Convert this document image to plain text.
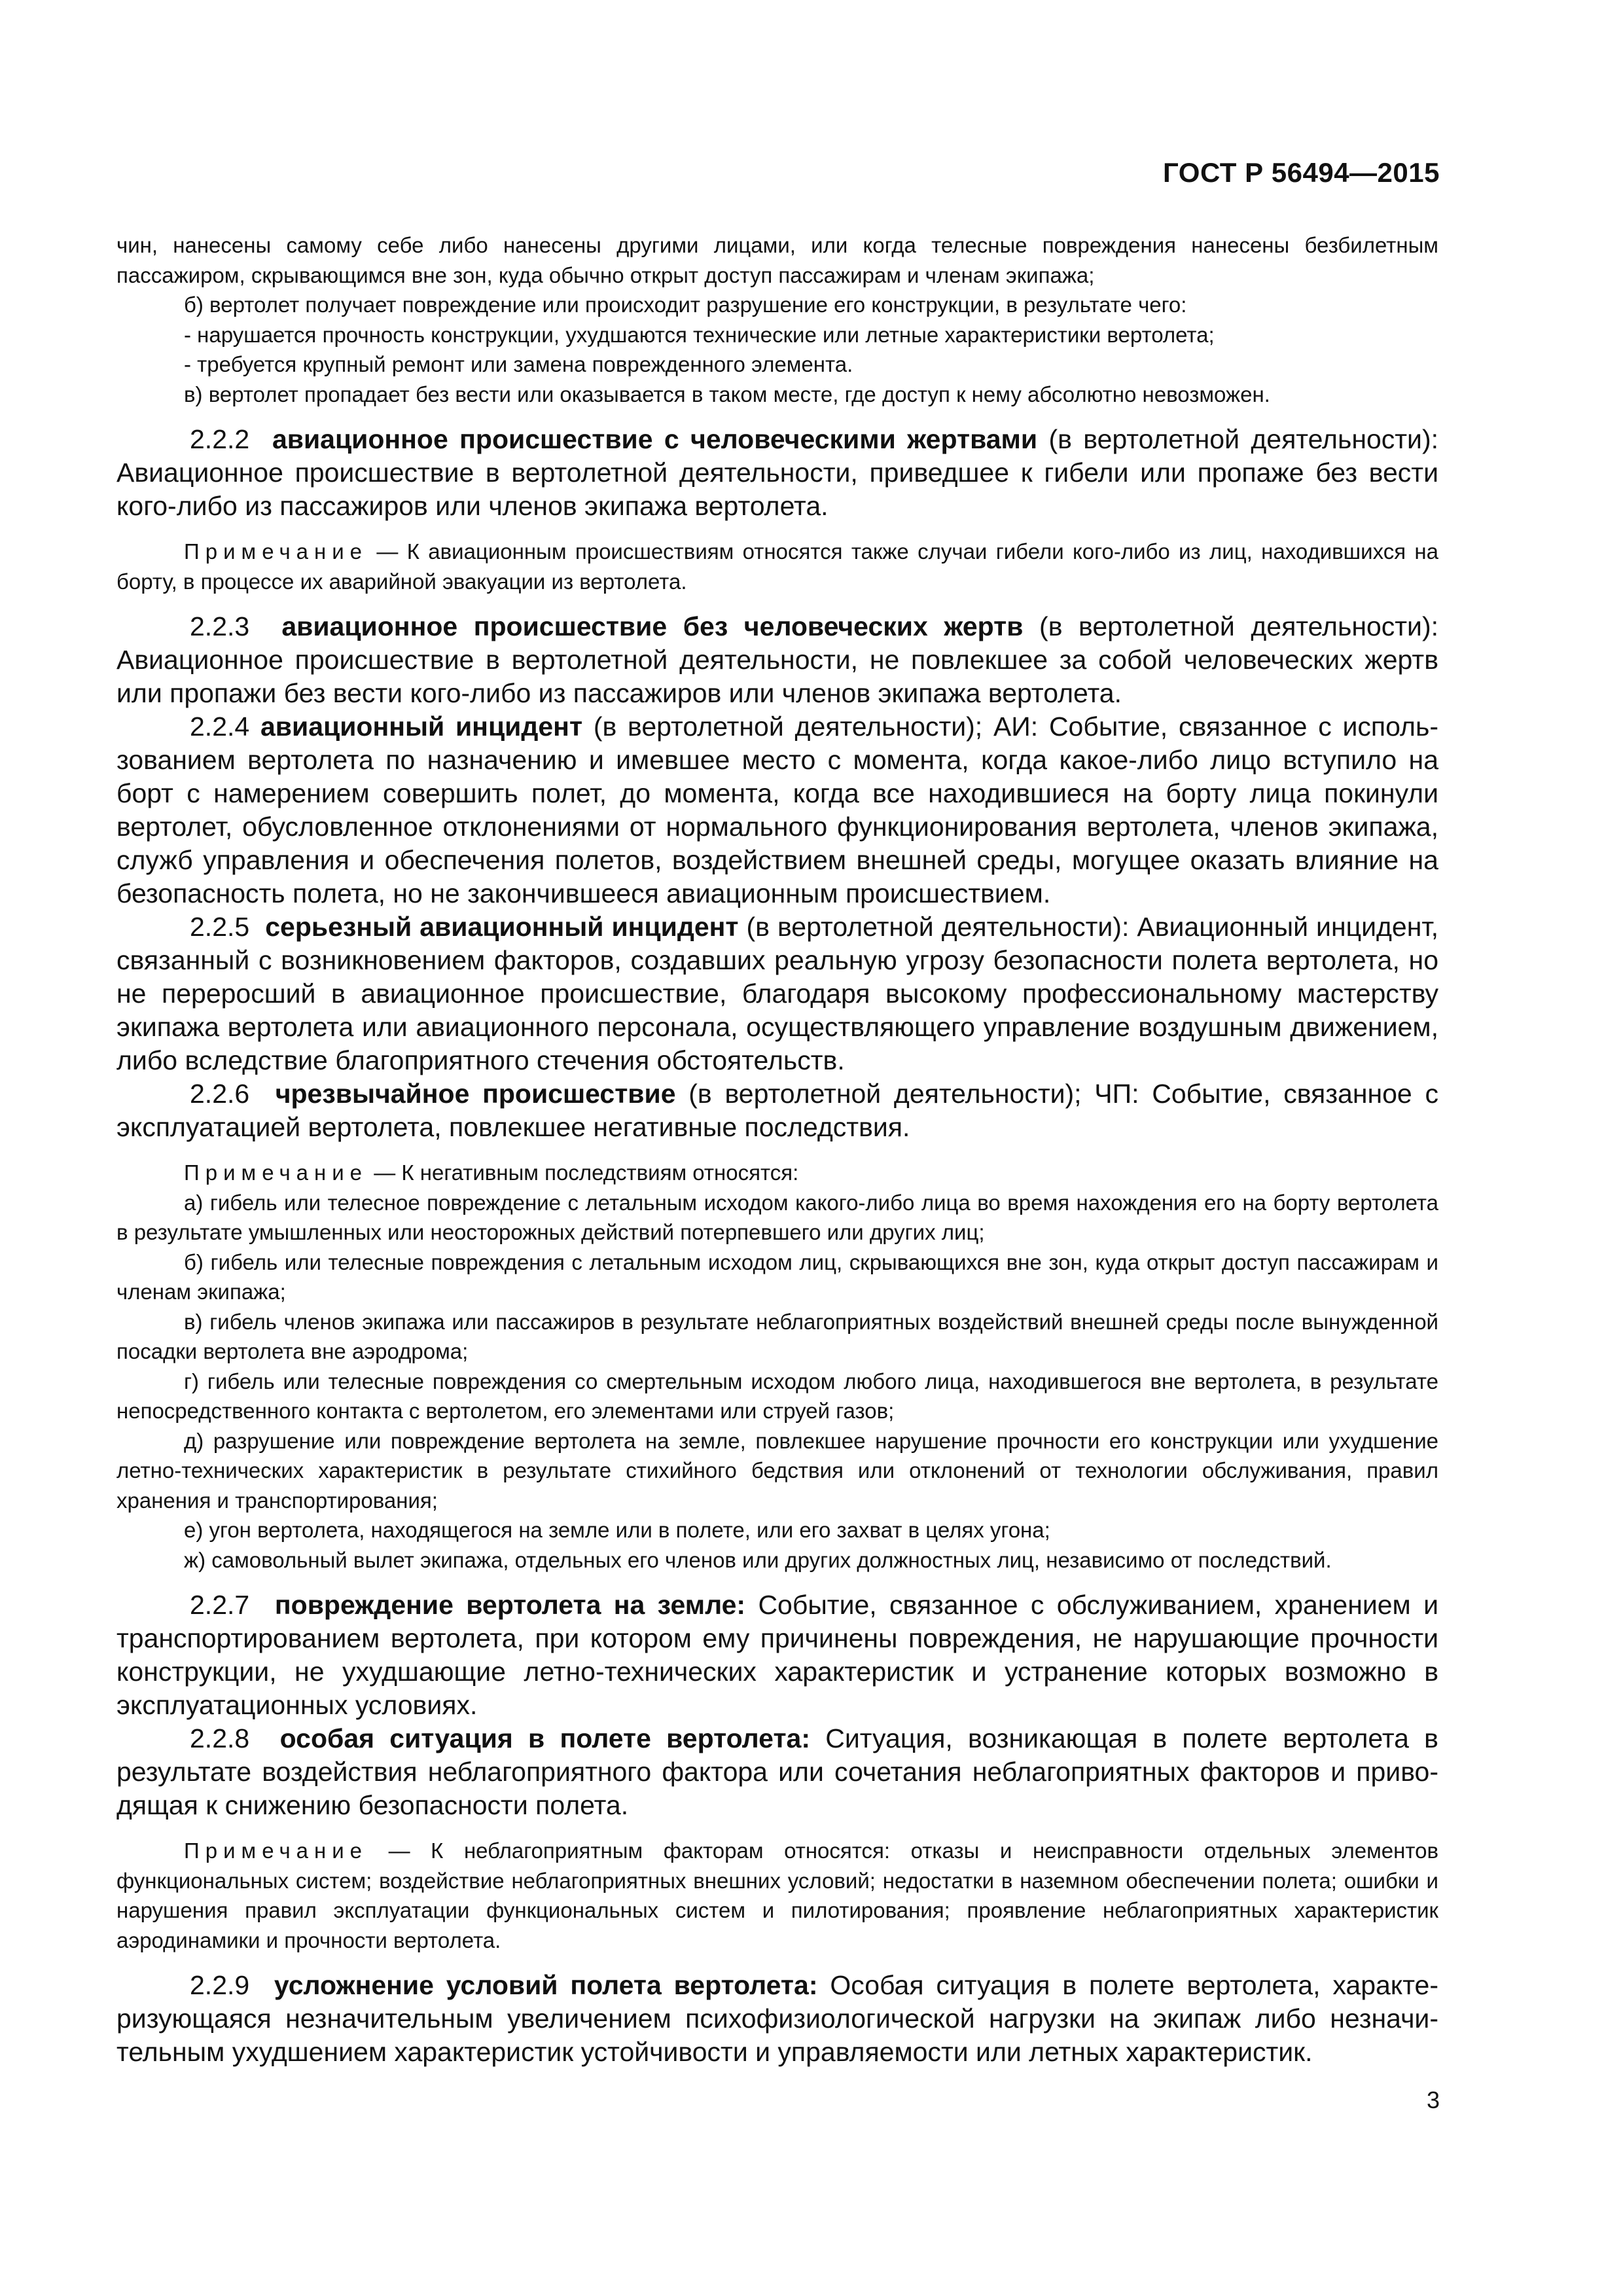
ГОСТ Р 56494—2015

чин, нанесены самому себе либо нанесены другими лицами, или когда телесные повреждения нанесены безбилетным пассажиром, скрывающимся вне зон, куда обычно открыт доступ пассажирам и членам экипажа;

б) вертолет получает повреждение или происходит разрушение его конструкции, в результате чего:

- нарушается прочность конструкции, ухудшаются технические или летные характеристики вертолета;

- требуется крупный ремонт или замена поврежденного элемента.

в) вертолет пропадает без вести или оказывается в таком месте, где доступ к нему абсолютно невозможен.

2.2.2 авиационное происшествие с человеческими жертвами (в вертолетной деятельности): Авиационное происшествие в вертолетной деятельности, приведшее к гибели или пропаже без вести кого-либо из пассажиров или членов экипажа вертолета.

Примечание — К авиационным происшествиям относятся также случаи гибели кого-либо из лиц, находившихся на борту, в процессе их аварийной эвакуации из вертолета.

2.2.3 авиационное происшествие без человеческих жертв (в вертолетной деятельности): Авиационное происшествие в вертолетной деятельности, не повлекшее за собой человеческих жертв или пропажи без вести кого-либо из пассажиров или членов экипажа вертолета.

2.2.4 авиационный инцидент (в вертолетной деятельности); АИ: Событие, связанное с использованием вертолета по назначению и имевшее место с момента, когда какое-либо лицо вступило на борт с намерением совершить полет, до момента, когда все находившиеся на борту лица покинули вертолет, обусловленное отклонениями от нормального функционирования вертолета, членов экипажа, служб управления и обеспечения полетов, воздействием внешней среды, могущее оказать влияние на безопасность полета, но не закончившееся авиационным происшествием.

2.2.5 серьезный авиационный инцидент (в вертолетной деятельности): Авиационный инцидент, связанный с возникновением факторов, создавших реальную угрозу безопасности полета вертолета, но не переросший в авиационное происшествие, благодаря высокому профессиональному мастерству экипажа вертолета или авиационного персонала, осуществляющего управление воздушным движением, либо вследствие благоприятного стечения обстоятельств.

2.2.6 чрезвычайное происшествие (в вертолетной деятельности); ЧП: Событие, связанное с эксплуатацией вертолета, повлекшее негативные последствия.

Примечание — К негативным последствиям относятся:

а) гибель или телесное повреждение с летальным исходом какого-либо лица во время нахождения его на борту вертолета в результате умышленных или неосторожных действий потерпевшего или других лиц;

б) гибель или телесные повреждения с летальным исходом лиц, скрывающихся вне зон, куда открыт доступ пассажирам и членам экипажа;

в) гибель членов экипажа или пассажиров в результате неблагоприятных воздействий внешней среды после вынужденной посадки вертолета вне аэродрома;

г) гибель или телесные повреждения со смертельным исходом любого лица, находившегося вне вертолета, в результате непосредственного контакта с вертолетом, его элементами или струей газов;

д) разрушение или повреждение вертолета на земле, повлекшее нарушение прочности его конструкции или ухудшение летно-технических характеристик в результате стихийного бедствия или отклонений от технологии обслуживания, правил хранения и транспортирования;

е) угон вертолета, находящегося на земле или в полете, или его захват в целях угона;

ж) самовольный вылет экипажа, отдельных его членов или других должностных лиц, независимо от последствий.

2.2.7 повреждение вертолета на земле: Событие, связанное с обслуживанием, хранением и транспортированием вертолета, при котором ему причинены повреждения, не нарушающие прочности конструкции, не ухудшающие летно-технических характеристик и устранение которых возможно в эксплуатационных условиях.

2.2.8 особая ситуация в полете вертолета: Ситуация, возникающая в полете вертолета в результате воздействия неблагоприятного фактора или сочетания неблагоприятных факторов и приводящая к снижению безопасности полета.

Примечание — К неблагоприятным факторам относятся: отказы и неисправности отдельных элементов функциональных систем; воздействие неблагоприятных внешних условий; недостатки в наземном обеспечении полета; ошибки и нарушения правил эксплуатации функциональных систем и пилотирования; проявление неблагоприятных характеристик аэродинамики и прочности вертолета.

2.2.9 усложнение условий полета вертолета: Особая ситуация в полете вертолета, характеризующаяся незначительным увеличением психофизиологической нагрузки на экипаж либо незначительным ухудшением характеристик устойчивости и управляемости или летных характеристик.

3
